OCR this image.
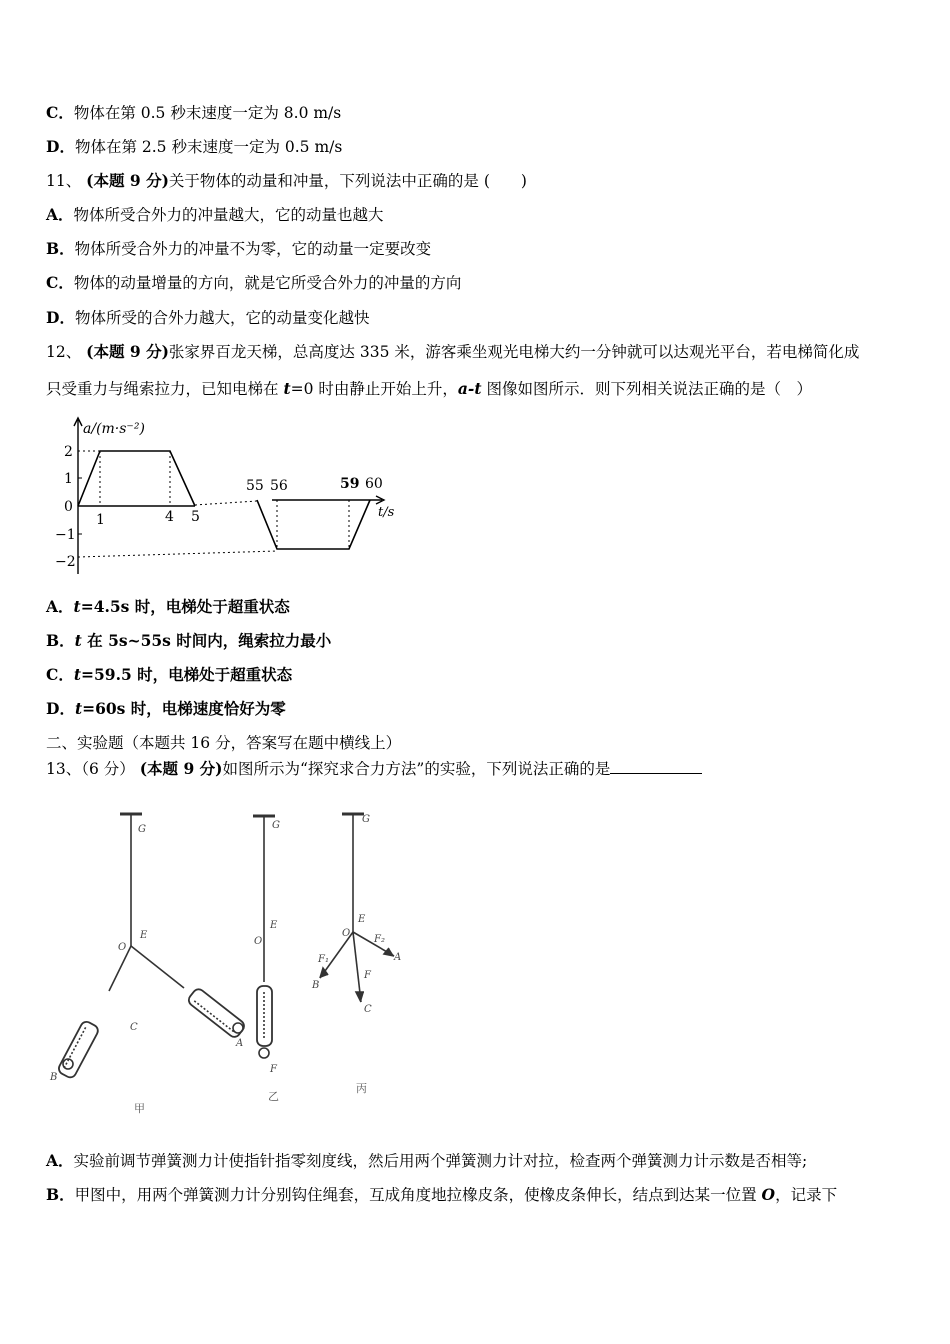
C．物体在第 0.5 秒末速度一定为 8.0 m/s
D．物体在第 2.5 秒末速度一定为 0.5 m/s
11、 (本题 9 分)关于物体的动量和冲量，下列说法中正确的是 (　　)
A．物体所受合外力的冲量越大，它的动量也越大
B．物体所受合外力的冲量不为零，它的动量一定要改变
C．物体的动量增量的方向，就是它所受合外力的冲量的方向
D．物体所受的合外力越大，它的动量变化越快
12、 (本题 9 分)张家界百龙天梯，总高度达 335 米，游客乘坐观光电梯大约一分钟就可以达观光平台，若电梯简化成
只受重力与绳索拉力，已知电梯在 t=0 时由静止开始上升，a-t 图像如图所示．则下列相关说法正确的是（　）
2
1
0
−1
−2
1	4 5
55 56	59 60
a/(m·s⁻²)
t/s
A．t=4.5s 时，电梯处于超重状态
B．t 在 5s~55s 时间内，绳索拉力最小
C．t=59.5 时，电梯处于超重状态
D．t=60s 时，电梯速度恰好为零
二、实验题（本题共 16 分，答案写在题中横线上）
13、（6 分） (本题 9 分)如图所示为“探究求合力方法”的实验，下列说法正确的是
G
E
O
C
A
B
G
E
O
F
G
E
O
F₁
F₂
F
A
B
C
甲
乙
丙
A．实验前调节弹簧测力计使指针指零刻度线，然后用两个弹簧测力计对拉，检查两个弹簧测力计示数是否相等;
B．甲图中，用两个弹簧测力计分别钩住绳套，互成角度地拉橡皮条，使橡皮条伸长，结点到达某一位置 O，记录下
